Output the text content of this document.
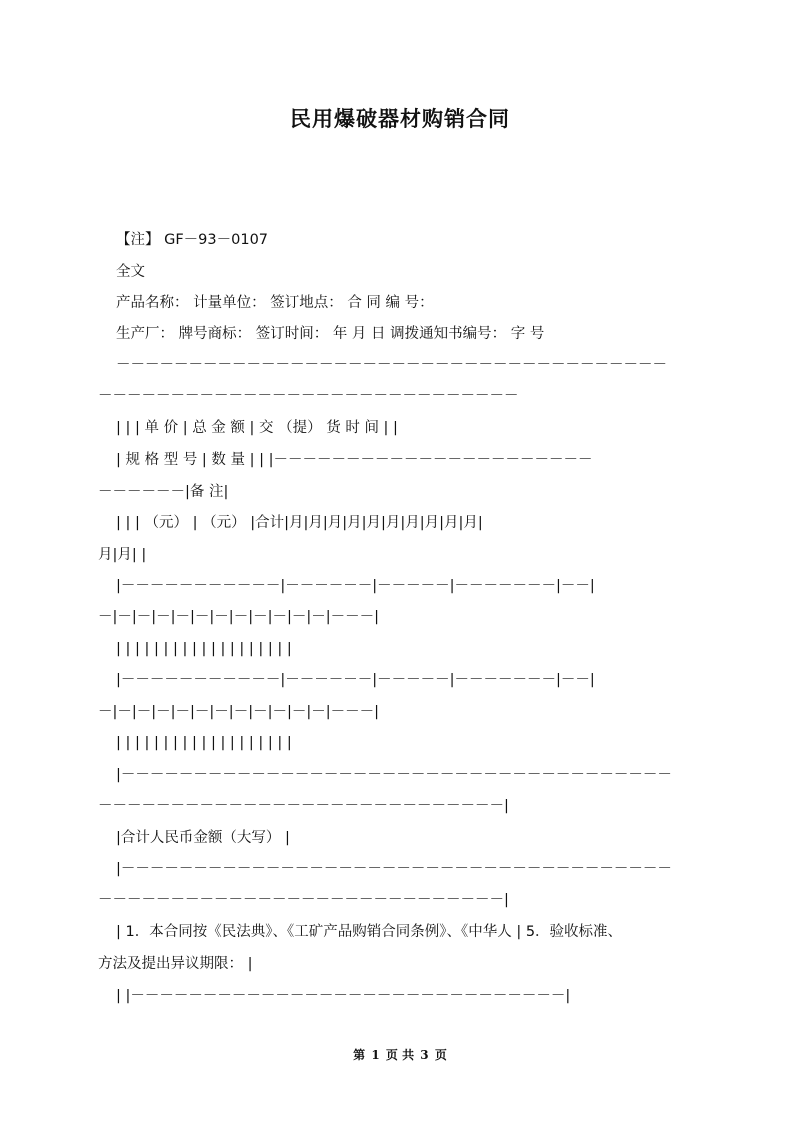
民用爆破器材购销合同
【注】 GF－93－0107
全文
产品名称： 计量单位： 签订地点： 合 同 编 号：
生产厂： 牌号商标： 签订时间： 年 月 日 调拨通知书编号： 字 号
－－－－－－－－－－－－－－－－－－－－－－－－－－－－－－－－－－－－－－
－－－－－－－－－－－－－－－－－－－－－－－－－－－－－
| | | 单 价 | 总 金 额 | 交 （提） 货 时 间 | |
| 规 格 型 号 | 数 量 | | |－－－－－－－－－－－－－－－－－－－－－－
－－－－－－|备 注|
| | | （元） | （元） |合计|月|月|月|月|月|月|月|月|月|月|
月|月| |
|－－－－－－－－－－－|－－－－－－|－－－－－|－－－－－－－|－－|
－|－|－|－|－|－|－|－|－|－|－|－|－－－|
| | | | | | | | | | | | | | | | | | |
|－－－－－－－－－－－|－－－－－－|－－－－－|－－－－－－－|－－|
－|－|－|－|－|－|－|－|－|－|－|－|－－－|
| | | | | | | | | | | | | | | | | | |
|－－－－－－－－－－－－－－－－－－－－－－－－－－－－－－－－－－－－－－
－－－－－－－－－－－－－－－－－－－－－－－－－－－－|
|合计人民币金额（大写） |
|－－－－－－－－－－－－－－－－－－－－－－－－－－－－－－－－－－－－－－
－－－－－－－－－－－－－－－－－－－－－－－－－－－－|
| 1．本合同按《民法典》、《工矿产品购销合同条例》、《中华人 | 5．验收标准、
方法及提出异议期限： |
| |－－－－－－－－－－－－－－－－－－－－－－－－－－－－－－|
第 1 页 共 3 页
